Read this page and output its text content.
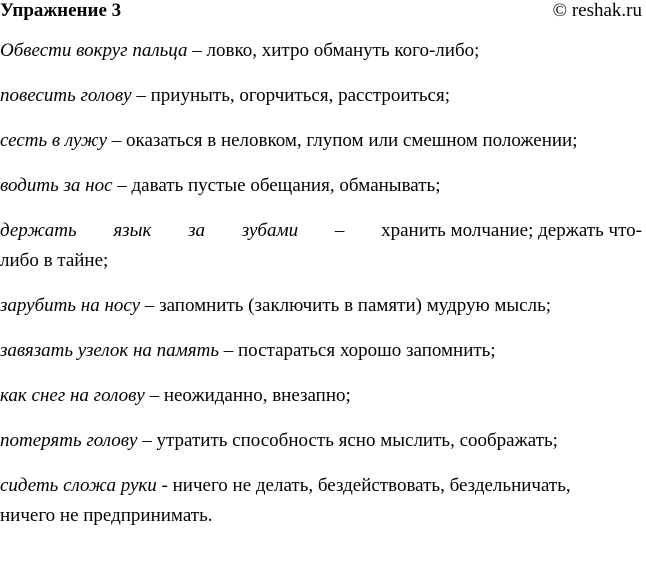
Упражнение 3	© reshak.ru
Обвести вокруг пальца – ловко, хитро обмануть кого-либо;
повесить голову – приуныть, огорчиться, расстроиться;
сесть в лужу – оказаться в неловком, глупом или смешном положении;
водить за нос – давать пустые обещания, обманывать;
держать язык за зубами – хранить молчание; держать что-
либо в тайне;
зарубить на носу – запомнить (заключить в памяти) мудрую мысль;
завязать узелок на память – постараться хорошо запомнить;
как снег на голову – неожиданно, внезапно;
потерять голову – утратить способность ясно мыслить, соображать;
сидеть сложа руки - ничего не делать, бездействовать, бездельничать,
ничего не предпринимать.
